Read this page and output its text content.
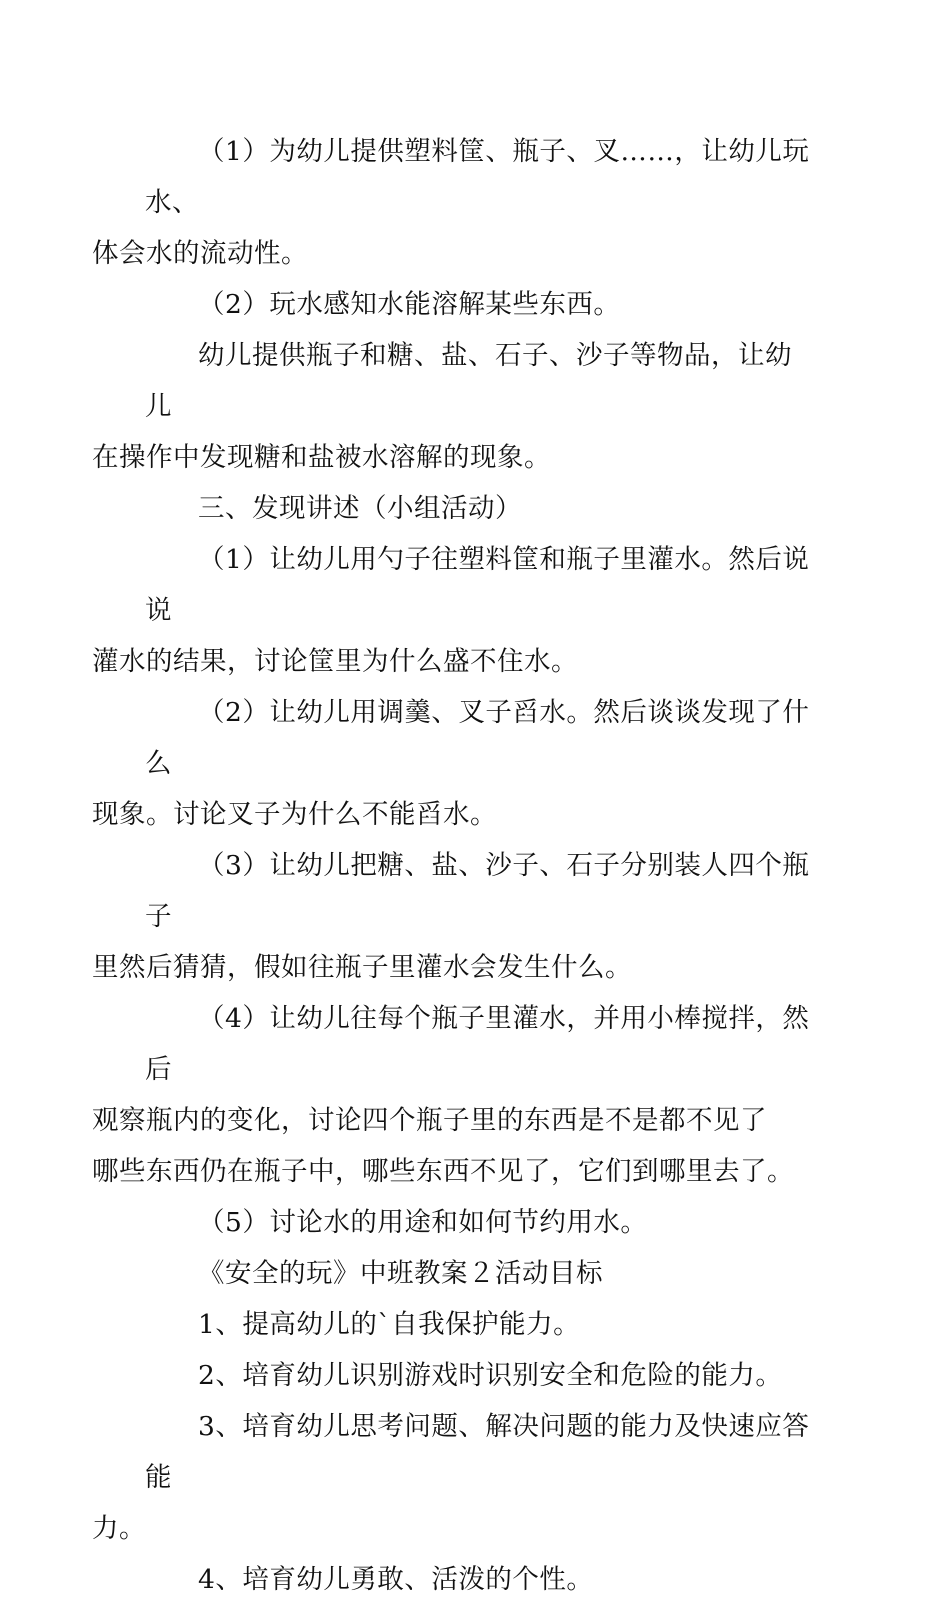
（1）为幼儿提供塑料筐、瓶子、叉……，让幼儿玩水、
体会水的流动性。

（2）玩水感知水能溶解某些东西。

幼儿提供瓶子和糖、盐、石子、沙子等物品，让幼儿
在操作中发现糖和盐被水溶解的现象。

三、发现讲述（小组活动）

（1）让幼儿用勺子往塑料筐和瓶子里灌水。然后说说
灌水的结果，讨论筐里为什么盛不住水。

（2）让幼儿用调羹、叉子舀水。然后谈谈发现了什么
现象。讨论叉子为什么不能舀水。

（3）让幼儿把糖、盐、沙子、石子分别装人四个瓶子
里然后猜猜，假如往瓶子里灌水会发生什么。

（4）让幼儿往每个瓶子里灌水，并用小棒搅拌，然后
观察瓶内的变化，讨论四个瓶子里的东西是不是都不见了
哪些东西仍在瓶子中，哪些东西不见了，它们到哪里去了。

（5）讨论水的用途和如何节约用水。

《安全的玩》中班教案２活动目标

1、提高幼儿的`自我保护能力。

2、培育幼儿识别游戏时识别安全和危险的能力。

3、培育幼儿思考问题、解决问题的能力及快速应答能
力。

4、培育幼儿勇敢、活泼的个性。
